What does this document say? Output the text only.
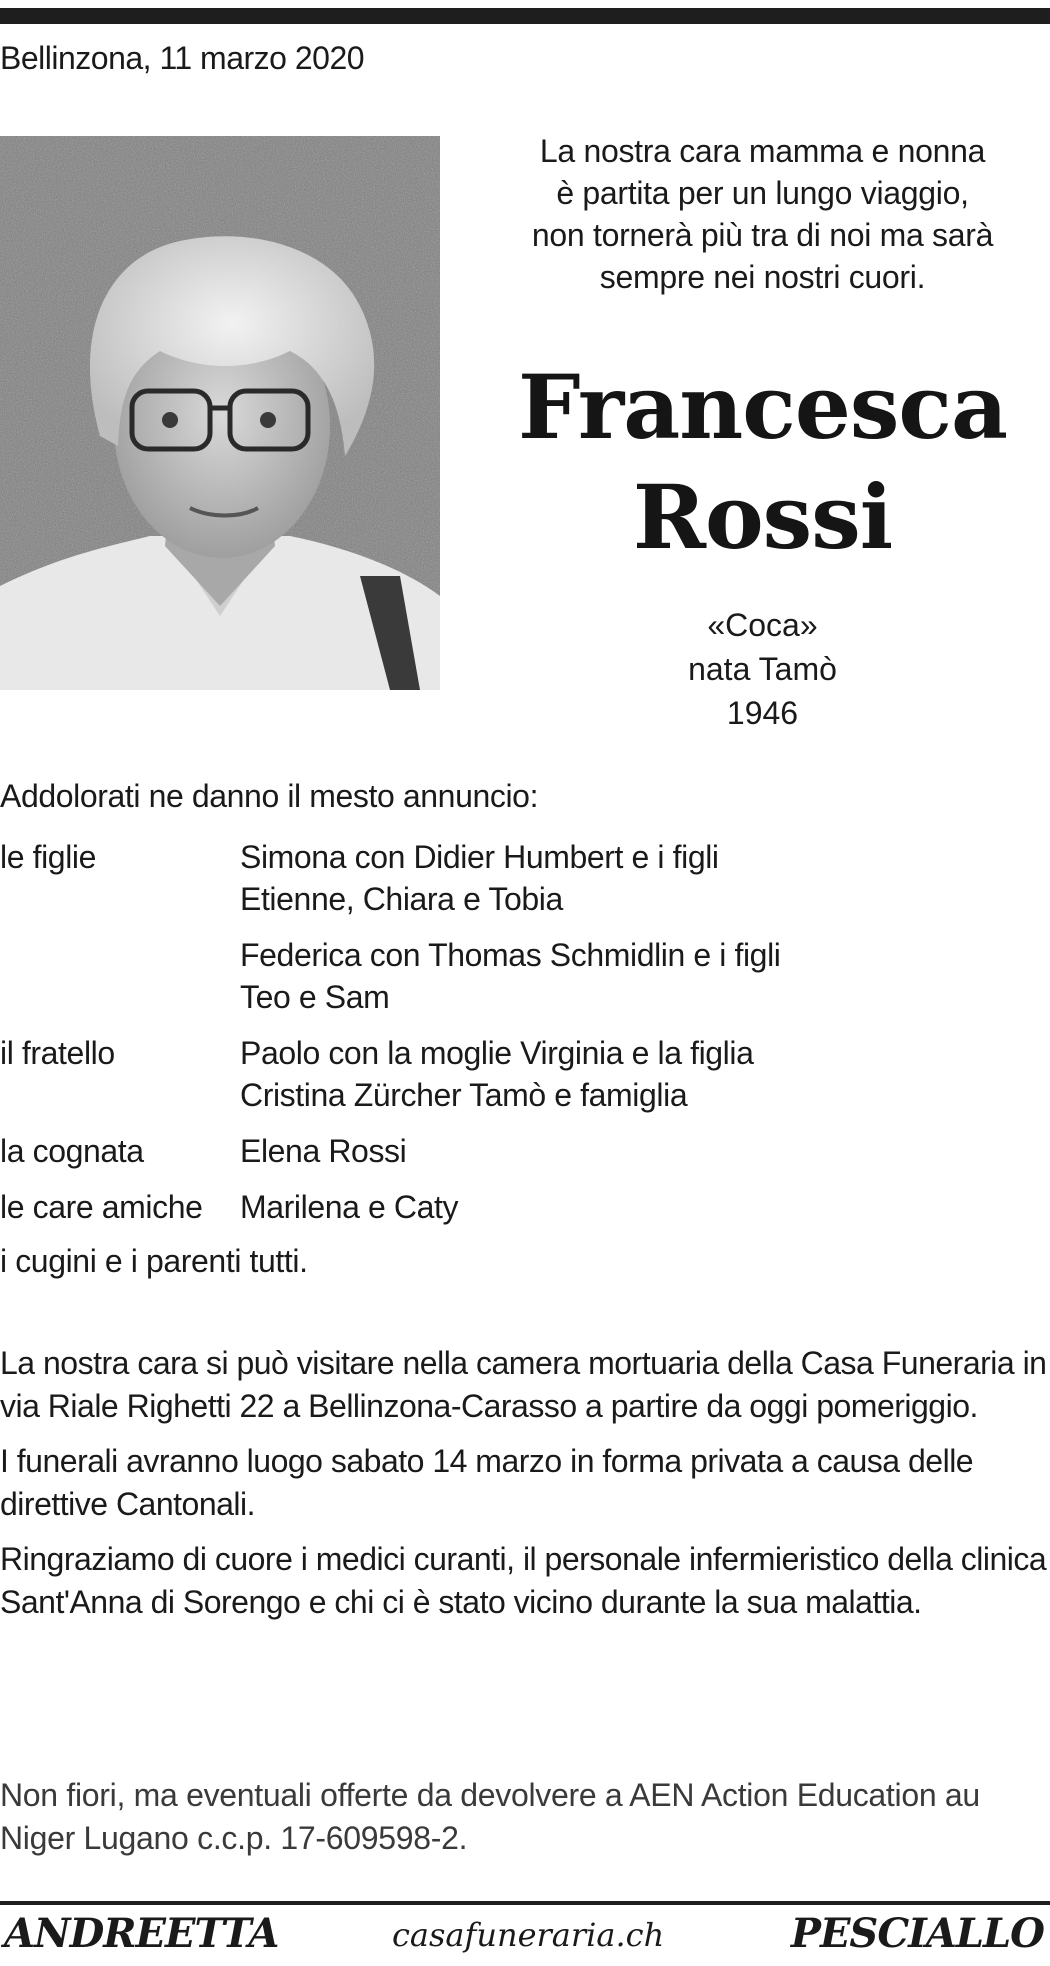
Bellinzona, 11 marzo 2020
La nostra cara mamma e nonna
è partita per un lungo viaggio,
non tornerà più tra di noi ma sarà
sempre nei nostri cuori.
Francesca
Rossi
«Coca»
nata Tamò
1946
Addolorati ne danno il mesto annuncio:
le figlie	Simona con Didier Humbert e i figli
Etienne, Chiara e Tobia
Federica con Thomas Schmidlin e i figli
Teo e Sam
il fratello	Paolo con la moglie Virginia e la figlia
Cristina Zürcher Tamò e famiglia
la cognata	Elena Rossi
le care amiche	Marilena e Caty
i cugini e i parenti tutti.

La nostra cara si può visitare nella camera mortuaria della Casa Funeraria in via Riale Righetti 22 a Bellinzona-Carasso a partire da oggi pomeriggio.

I funerali avranno luogo sabato 14 marzo in forma privata a causa delle direttive Cantonali.

Ringraziamo di cuore i medici curanti, il personale infermieristico della clinica Sant'Anna di Sorengo e chi ci è stato vicino durante la sua malattia.

Non fiori, ma eventuali offerte da devolvere a AEN Action Education au Niger Lugano c.c.p. 17-609598-2.
ANDREETTA	casafuneraria.ch	PESCIALLO
